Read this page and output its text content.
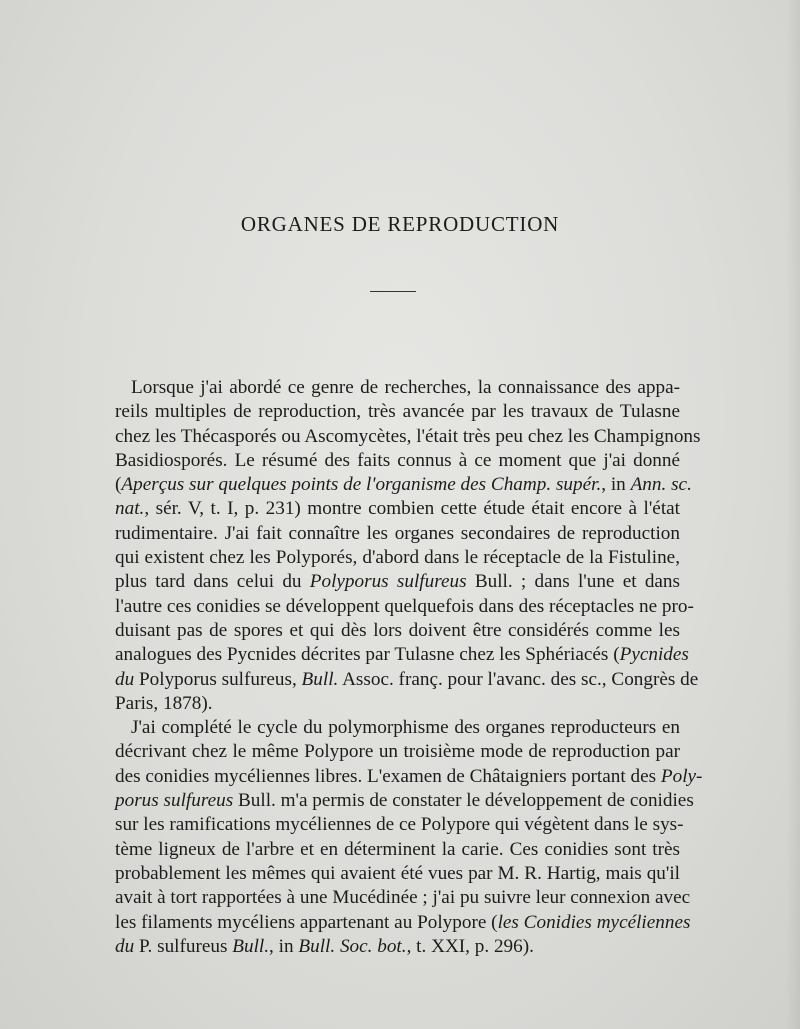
ORGANES DE REPRODUCTION
Lorsque j'ai abordé ce genre de recherches, la connaissance des appa-
reils multiples de reproduction, très avancée par les travaux de Tulasne
chez les Thécasporés ou Ascomycètes, l'était très peu chez les Champignons
Basidiosporés. Le résumé des faits connus à ce moment que j'ai donné
(Aperçus sur quelques points de l'organisme des Champ. supér., in Ann. sc.
nat., sér. V, t. I, p. 231) montre combien cette étude était encore à l'état
rudimentaire. J'ai fait connaître les organes secondaires de reproduction
qui existent chez les Polyporés, d'abord dans le réceptacle de la Fistuline,
plus tard dans celui du Polyporus sulfureus Bull. ; dans l'une et dans
l'autre ces conidies se développent quelquefois dans des réceptacles ne pro-
duisant pas de spores et qui dès lors doivent être considérés comme les
analogues des Pycnides décrites par Tulasne chez les Sphériacés (Pycnides
du Polyporus sulfureus, Bull. Assoc. franç. pour l'avanc. des sc., Congrès de
Paris, 1878).
J'ai complété le cycle du polymorphisme des organes reproducteurs en
décrivant chez le même Polypore un troisième mode de reproduction par
des conidies mycéliennes libres. L'examen de Châtaigniers portant des Poly-
porus sulfureus Bull. m'a permis de constater le développement de conidies
sur les ramifications mycéliennes de ce Polypore qui végètent dans le sys-
tème ligneux de l'arbre et en déterminent la carie. Ces conidies sont très
probablement les mêmes qui avaient été vues par M. R. Hartig, mais qu'il
avait à tort rapportées à une Mucédinée ; j'ai pu suivre leur connexion avec
les filaments mycéliens appartenant au Polypore (les Conidies mycéliennes
du P. sulfureus Bull., in Bull. Soc. bot., t. XXI, p. 296).
